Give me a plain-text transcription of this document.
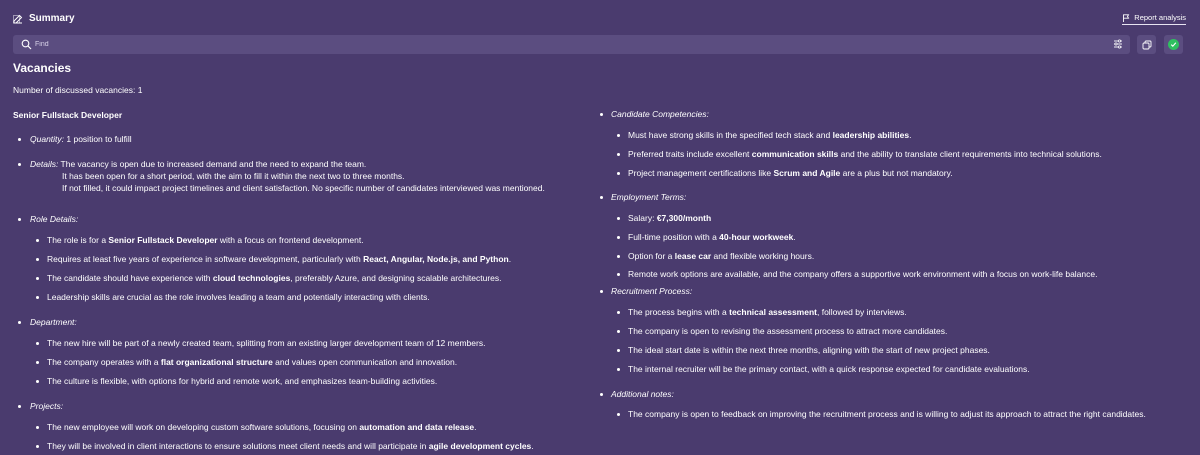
Summary	Report analysis
Find
Vacancies
Number of discussed vacancies: 1
Senior Fullstack Developer
Quantity: 1 position to fulfill
Details: The vacancy is open due to increased demand and the need to expand the team.
It has been open for a short period, with the aim to fill it within the next two to three months.
If not filled, it could impact project timelines and client satisfaction. No specific number of candidates interviewed was mentioned.
Role Details:
The role is for a Senior Fullstack Developer with a focus on frontend development.
Requires at least five years of experience in software development, particularly with React, Angular, Node.js, and Python.
The candidate should have experience with cloud technologies, preferably Azure, and designing scalable architectures.
Leadership skills are crucial as the role involves leading a team and potentially interacting with clients.
Department:
The new hire will be part of a newly created team, splitting from an existing larger development team of 12 members.
The company operates with a flat organizational structure and values open communication and innovation.
The culture is flexible, with options for hybrid and remote work, and emphasizes team-building activities.
Projects:
The new employee will work on developing custom software solutions, focusing on automation and data release.
They will be involved in client interactions to ensure solutions meet client needs and will participate in agile development cycles.
Candidate Competencies:
Must have strong skills in the specified tech stack and leadership abilities.
Preferred traits include excellent communication skills and the ability to translate client requirements into technical solutions.
Project management certifications like Scrum and Agile are a plus but not mandatory.
Employment Terms:
Salary: €7,300/month
Full-time position with a 40-hour workweek.
Option for a lease car and flexible working hours.
Remote work options are available, and the company offers a supportive work environment with a focus on work-life balance.
Recruitment Process:
The process begins with a technical assessment, followed by interviews.
The company is open to revising the assessment process to attract more candidates.
The ideal start date is within the next three months, aligning with the start of new project phases.
The internal recruiter will be the primary contact, with a quick response expected for candidate evaluations.
Additional notes:
The company is open to feedback on improving the recruitment process and is willing to adjust its approach to attract the right candidates.
